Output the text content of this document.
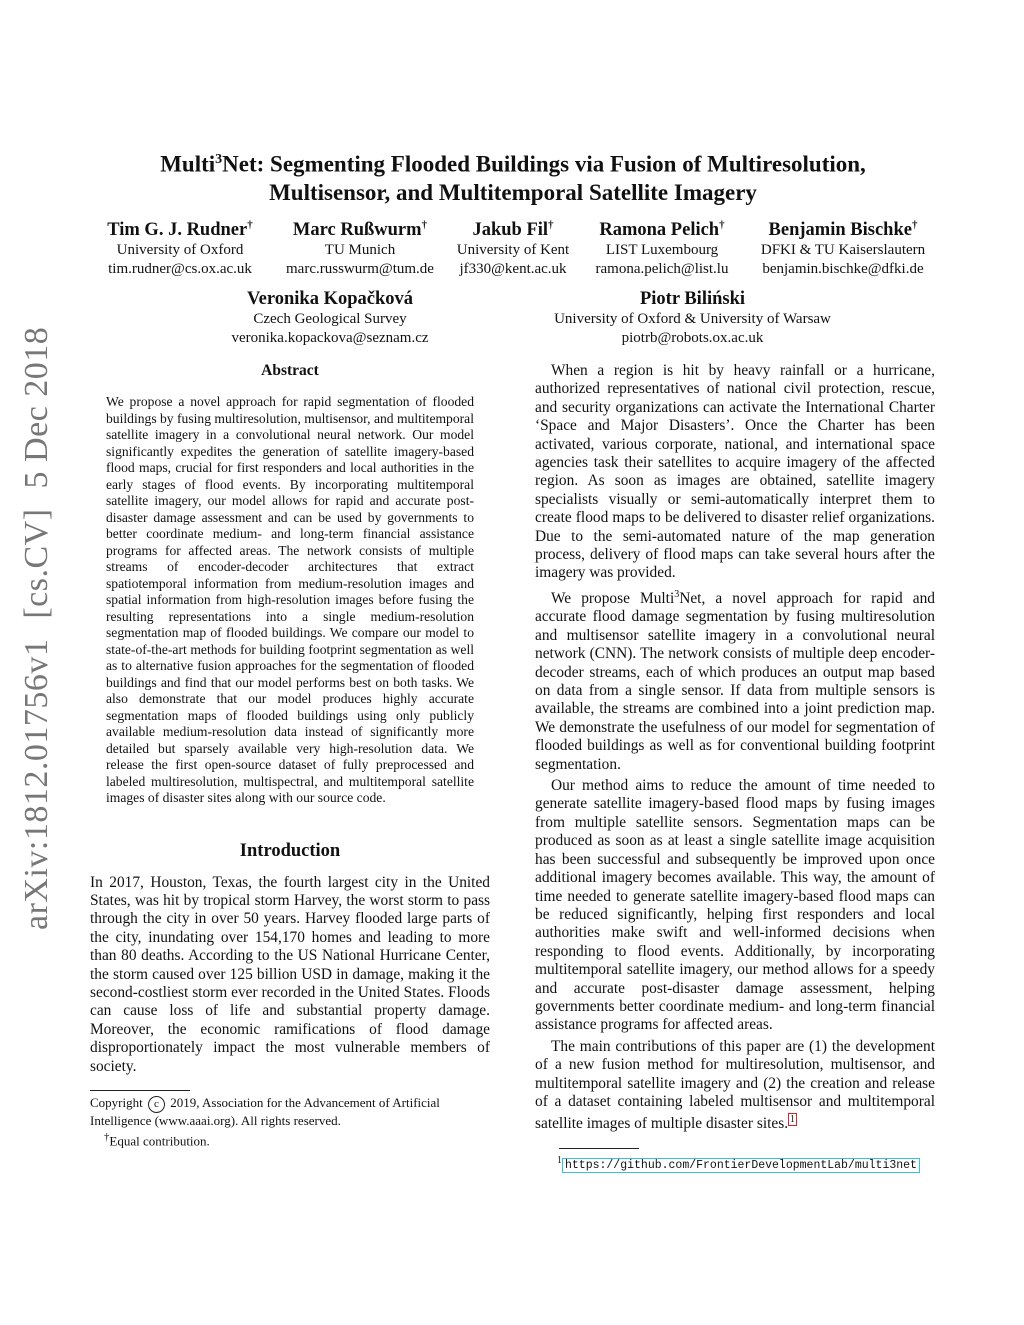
arXiv:1812.01756v1
[cs.CV]
5 Dec 2018
Multi$^3$Net: Segmenting Flooded Buildings via Fusion of Multiresolution,
Multisensor, and Multitemporal Satellite Imagery
Tim G. J. Rudner†
University of Oxford
tim.rudner@cs.ox.ac.uk
Marc Rußwurm†
TU Munich
marc.russwurm@tum.de
Jakub Fil†
University of Kent
jf330@kent.ac.uk
Ramona Pelich†
LIST Luxembourg
ramona.pelich@list.lu
Benjamin Bischke†
DFKI & TU Kaiserslautern
benjamin.bischke@dfki.de
Veronika Kopačková
Czech Geological Survey
veronika.kopackova@seznam.cz
Piotr Biliński
University of Oxford & University of Warsaw
piotrb@robots.ox.ac.uk
Abstract

We propose a novel approach for rapid segmentation of flooded buildings by fusing multiresolution, multisensor, and multitemporal satellite imagery in a convolutional neural network. Our model significantly expedites the generation of satellite imagery-based flood maps, crucial for first responders and local authorities in the early stages of flood events. By incorporating multitemporal satellite imagery, our model allows for rapid and accurate post-disaster damage assessment and can be used by governments to better coordinate medium- and long-term financial assistance programs for affected areas. The network consists of multiple streams of encoder-decoder architectures that extract spatiotemporal information from medium-resolution images and spatial information from high-resolution images before fusing the resulting representations into a single medium-resolution segmentation map of flooded buildings. We compare our model to state-of-the-art methods for building footprint segmentation as well as to alternative fusion approaches for the segmentation of flooded buildings and find that our model performs best on both tasks. We also demonstrate that our model produces highly accurate segmentation maps of flooded buildings using only publicly available medium-resolution data instead of significantly more detailed but sparsely available very high-resolution data. We release the first open-source dataset of fully preprocessed and labeled multiresolution, multispectral, and multitemporal satellite images of disaster sites along with our source code.

Introduction

In 2017, Houston, Texas, the fourth largest city in the United States, was hit by tropical storm Harvey, the worst storm to pass through the city in over 50 years. Harvey flooded large parts of the city, inundating over 154,170 homes and leading to more than 80 deaths. According to the US National Hurricane Center, the storm caused over 125 billion USD in damage, making it the second-costliest storm ever recorded in the United States. Floods can cause loss of life and substantial property damage. Moreover, the economic ramifications of flood damage disproportionately impact the most vulnerable members of society.

Copyright c 2019, Association for the Advancement of Artificial Intelligence (www.aaai.org). All rights reserved.
†Equal contribution.

When a region is hit by heavy rainfall or a hurricane, authorized representatives of national civil protection, rescue, and security organizations can activate the International Charter ‘Space and Major Disasters’. Once the Charter has been activated, various corporate, national, and international space agencies task their satellites to acquire imagery of the affected region. As soon as images are obtained, satellite imagery specialists visually or semi-automatically interpret them to create flood maps to be delivered to disaster relief organizations. Due to the semi-automated nature of the map generation process, delivery of flood maps can take several hours after the imagery was provided.

We propose Multi$^3$Net, a novel approach for rapid and accurate flood damage segmentation by fusing multiresolution and multisensor satellite imagery in a convolutional neural network (CNN). The network consists of multiple deep encoder-decoder streams, each of which produces an output map based on data from a single sensor. If data from multiple sensors is available, the streams are combined into a joint prediction map. We demonstrate the usefulness of our model for segmentation of flooded buildings as well as for conventional building footprint segmentation.

Our method aims to reduce the amount of time needed to generate satellite imagery-based flood maps by fusing images from multiple satellite sensors. Segmentation maps can be produced as soon as at least a single satellite image acquisition has been successful and subsequently be improved upon once additional imagery becomes available. This way, the amount of time needed to generate satellite imagery-based flood maps can be reduced significantly, helping first responders and local authorities make swift and well-informed decisions when responding to flood events. Additionally, by incorporating multitemporal satellite imagery, our method allows for a speedy and accurate post-disaster damage assessment, helping governments better coordinate medium- and long-term financial assistance programs for affected areas.

The main contributions of this paper are (1) the development of a new fusion method for multiresolution, multisensor, and multitemporal satellite imagery and (2) the creation and release of a dataset containing labeled multisensor and multitemporal satellite images of multiple disaster sites. $^1$

$^1$ https://github.com/FrontierDevelopmentLab/multi3net
